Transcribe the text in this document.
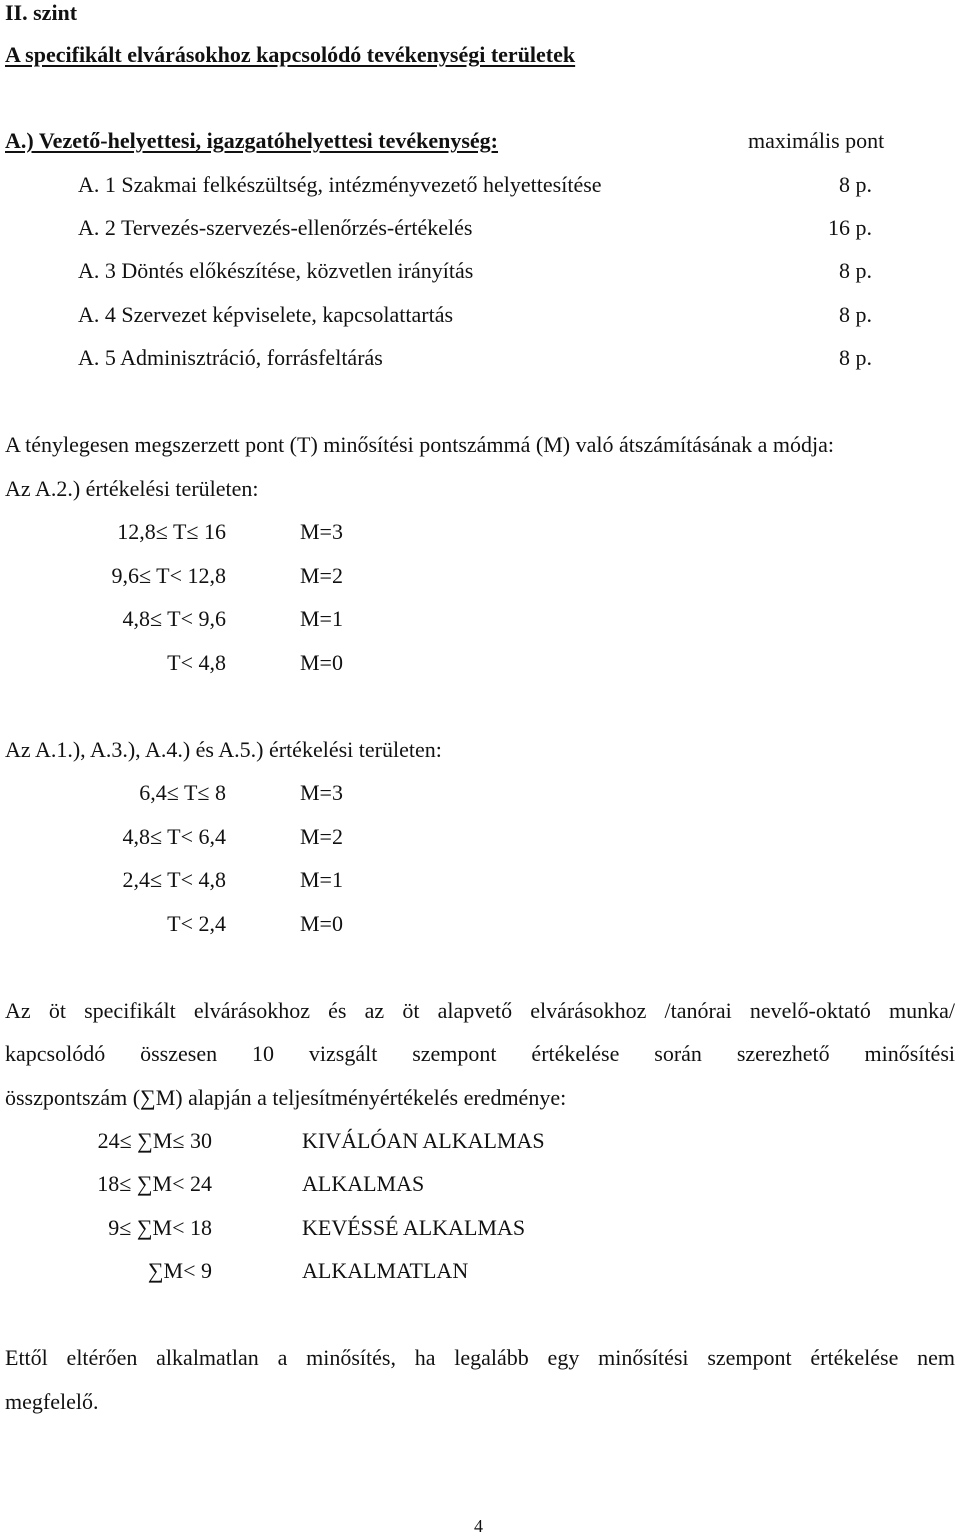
II. szint
A specifikált elvárásokhoz kapcsolódó tevékenységi területek
A.) Vezető-helyettesi, igazgatóhelyettesi tevékenység:	maximális pont
A. 1 Szakmai felkészültség, intézményvezető helyettesítése	8 p.
A. 2 Tervezés-szervezés-ellenőrzés-értékelés	16 p.
A. 3 Döntés előkészítése, közvetlen irányítás	8 p.
A. 4 Szervezet képviselete, kapcsolattartás	8 p.
A. 5 Adminisztráció, forrásfeltárás	8 p.
A ténylegesen megszerzett pont (T) minősítési pontszámmá (M) való átszámításának a módja:
Az A.2.) értékelési területen:
12,8≤ T≤ 16	M=3
9,6≤ T< 12,8	M=2
4,8≤ T< 9,6	M=1
T< 4,8	M=0
Az A.1.), A.3.), A.4.) és A.5.) értékelési területen:
6,4≤ T≤ 8	M=3
4,8≤ T< 6,4	M=2
2,4≤ T< 4,8	M=1
T< 2,4	M=0
Az öt specifikált elvárásokhoz és az öt alapvető elvárásokhoz /tanórai nevelő-oktató munka/
kapcsolódó összesen 10 vizsgált szempont értékelése során szerezhető minősítési
összpontszám (∑M) alapján a teljesítményértékelés eredménye:
24≤ ∑M≤ 30	KIVÁLÓAN ALKALMAS
18≤ ∑M< 24	ALKALMAS
9≤ ∑M< 18	KEVÉSSÉ ALKALMAS
∑M< 9	ALKALMATLAN
Ettől eltérően alkalmatlan a minősítés, ha legalább egy minősítési szempont értékelése nem
megfelelő.
4
